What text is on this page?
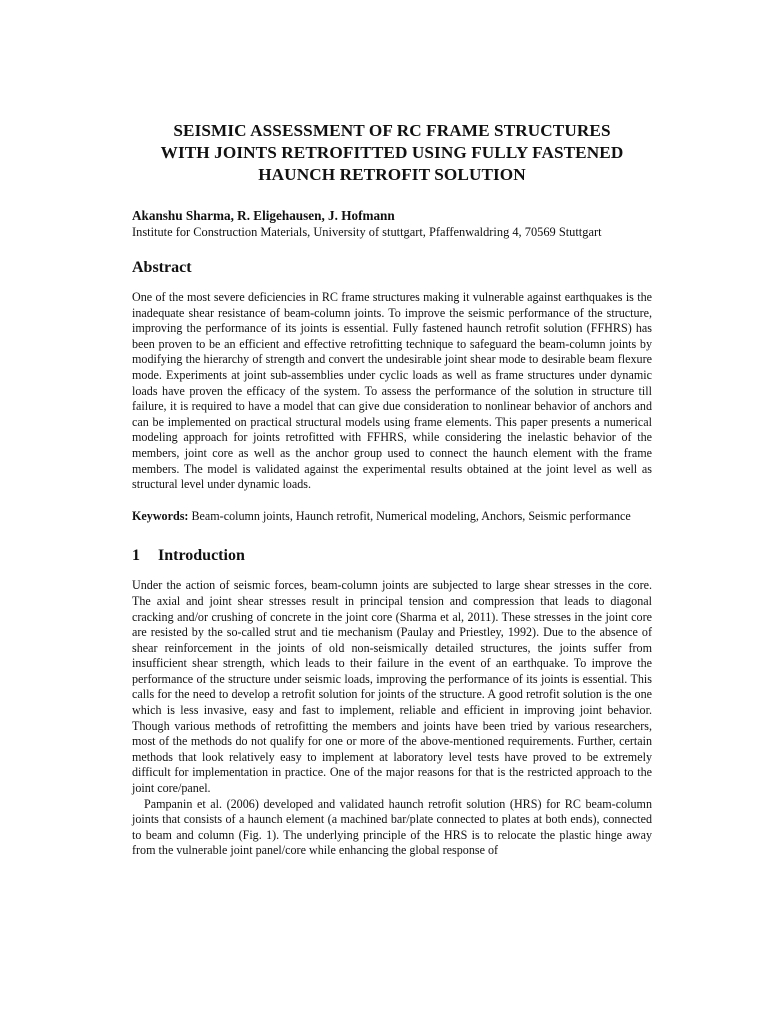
SEISMIC ASSESSMENT OF RC FRAME STRUCTURES
WITH JOINTS RETROFITTED USING FULLY FASTENED
HAUNCH RETROFIT SOLUTION

Akanshu Sharma, R. Eligehausen, J. Hofmann

Institute for Construction Materials, University of stuttgart, Pfaffenwaldring 4, 70569 Stuttgart

Abstract

One of the most severe deficiencies in RC frame structures making it vulnerable against earthquakes is the inadequate shear resistance of beam-column joints. To improve the seismic performance of the structure, improving the performance of its joints is essential. Fully fastened haunch retrofit solution (FFHRS) has been proven to be an efficient and effective retrofitting technique to safeguard the beam-column joints by modifying the hierarchy of strength and convert the undesirable joint shear mode to desirable beam flexure mode. Experiments at joint sub-assemblies under cyclic loads as well as frame structures under dynamic loads have proven the efficacy of the system. To assess the performance of the solution in structure till failure, it is required to have a model that can give due consideration to nonlinear behavior of anchors and can be implemented on practical structural models using frame elements. This paper presents a numerical modeling approach for joints retrofitted with FFHRS, while considering the inelastic behavior of the members, joint core as well as the anchor group used to connect the haunch element with the frame members. The model is validated against the experimental results obtained at the joint level as well as structural level under dynamic loads.

Keywords: Beam-column joints, Haunch retrofit, Numerical modeling, Anchors, Seismic performance

1 Introduction

Under the action of seismic forces, beam-column joints are subjected to large shear stresses in the core. The axial and joint shear stresses result in principal tension and compression that leads to diagonal cracking and/or crushing of concrete in the joint core (Sharma et al, 2011). These stresses in the joint core are resisted by the so-called strut and tie mechanism (Paulay and Priestley, 1992). Due to the absence of shear reinforcement in the joints of old non-seismically detailed structures, the joints suffer from insufficient shear strength, which leads to their failure in the event of an earthquake. To improve the performance of the structure under seismic loads, improving the performance of its joints is essential. This calls for the need to develop a retrofit solution for joints of the structure. A good retrofit solution is the one which is less invasive, easy and fast to implement, reliable and efficient in improving joint behavior. Though various methods of retrofitting the members and joints have been tried by various researchers, most of the methods do not qualify for one or more of the above-mentioned requirements. Further, certain methods that look relatively easy to implement at laboratory level tests have proved to be extremely difficult for implementation in practice. One of the major reasons for that is the restricted approach to the joint core/panel.

Pampanin et al. (2006) developed and validated haunch retrofit solution (HRS) for RC beam-column joints that consists of a haunch element (a machined bar/plate connected to plates at both ends), connected to beam and column (Fig. 1). The underlying principle of the HRS is to relocate the plastic hinge away from the vulnerable joint panel/core while enhancing the global response of
